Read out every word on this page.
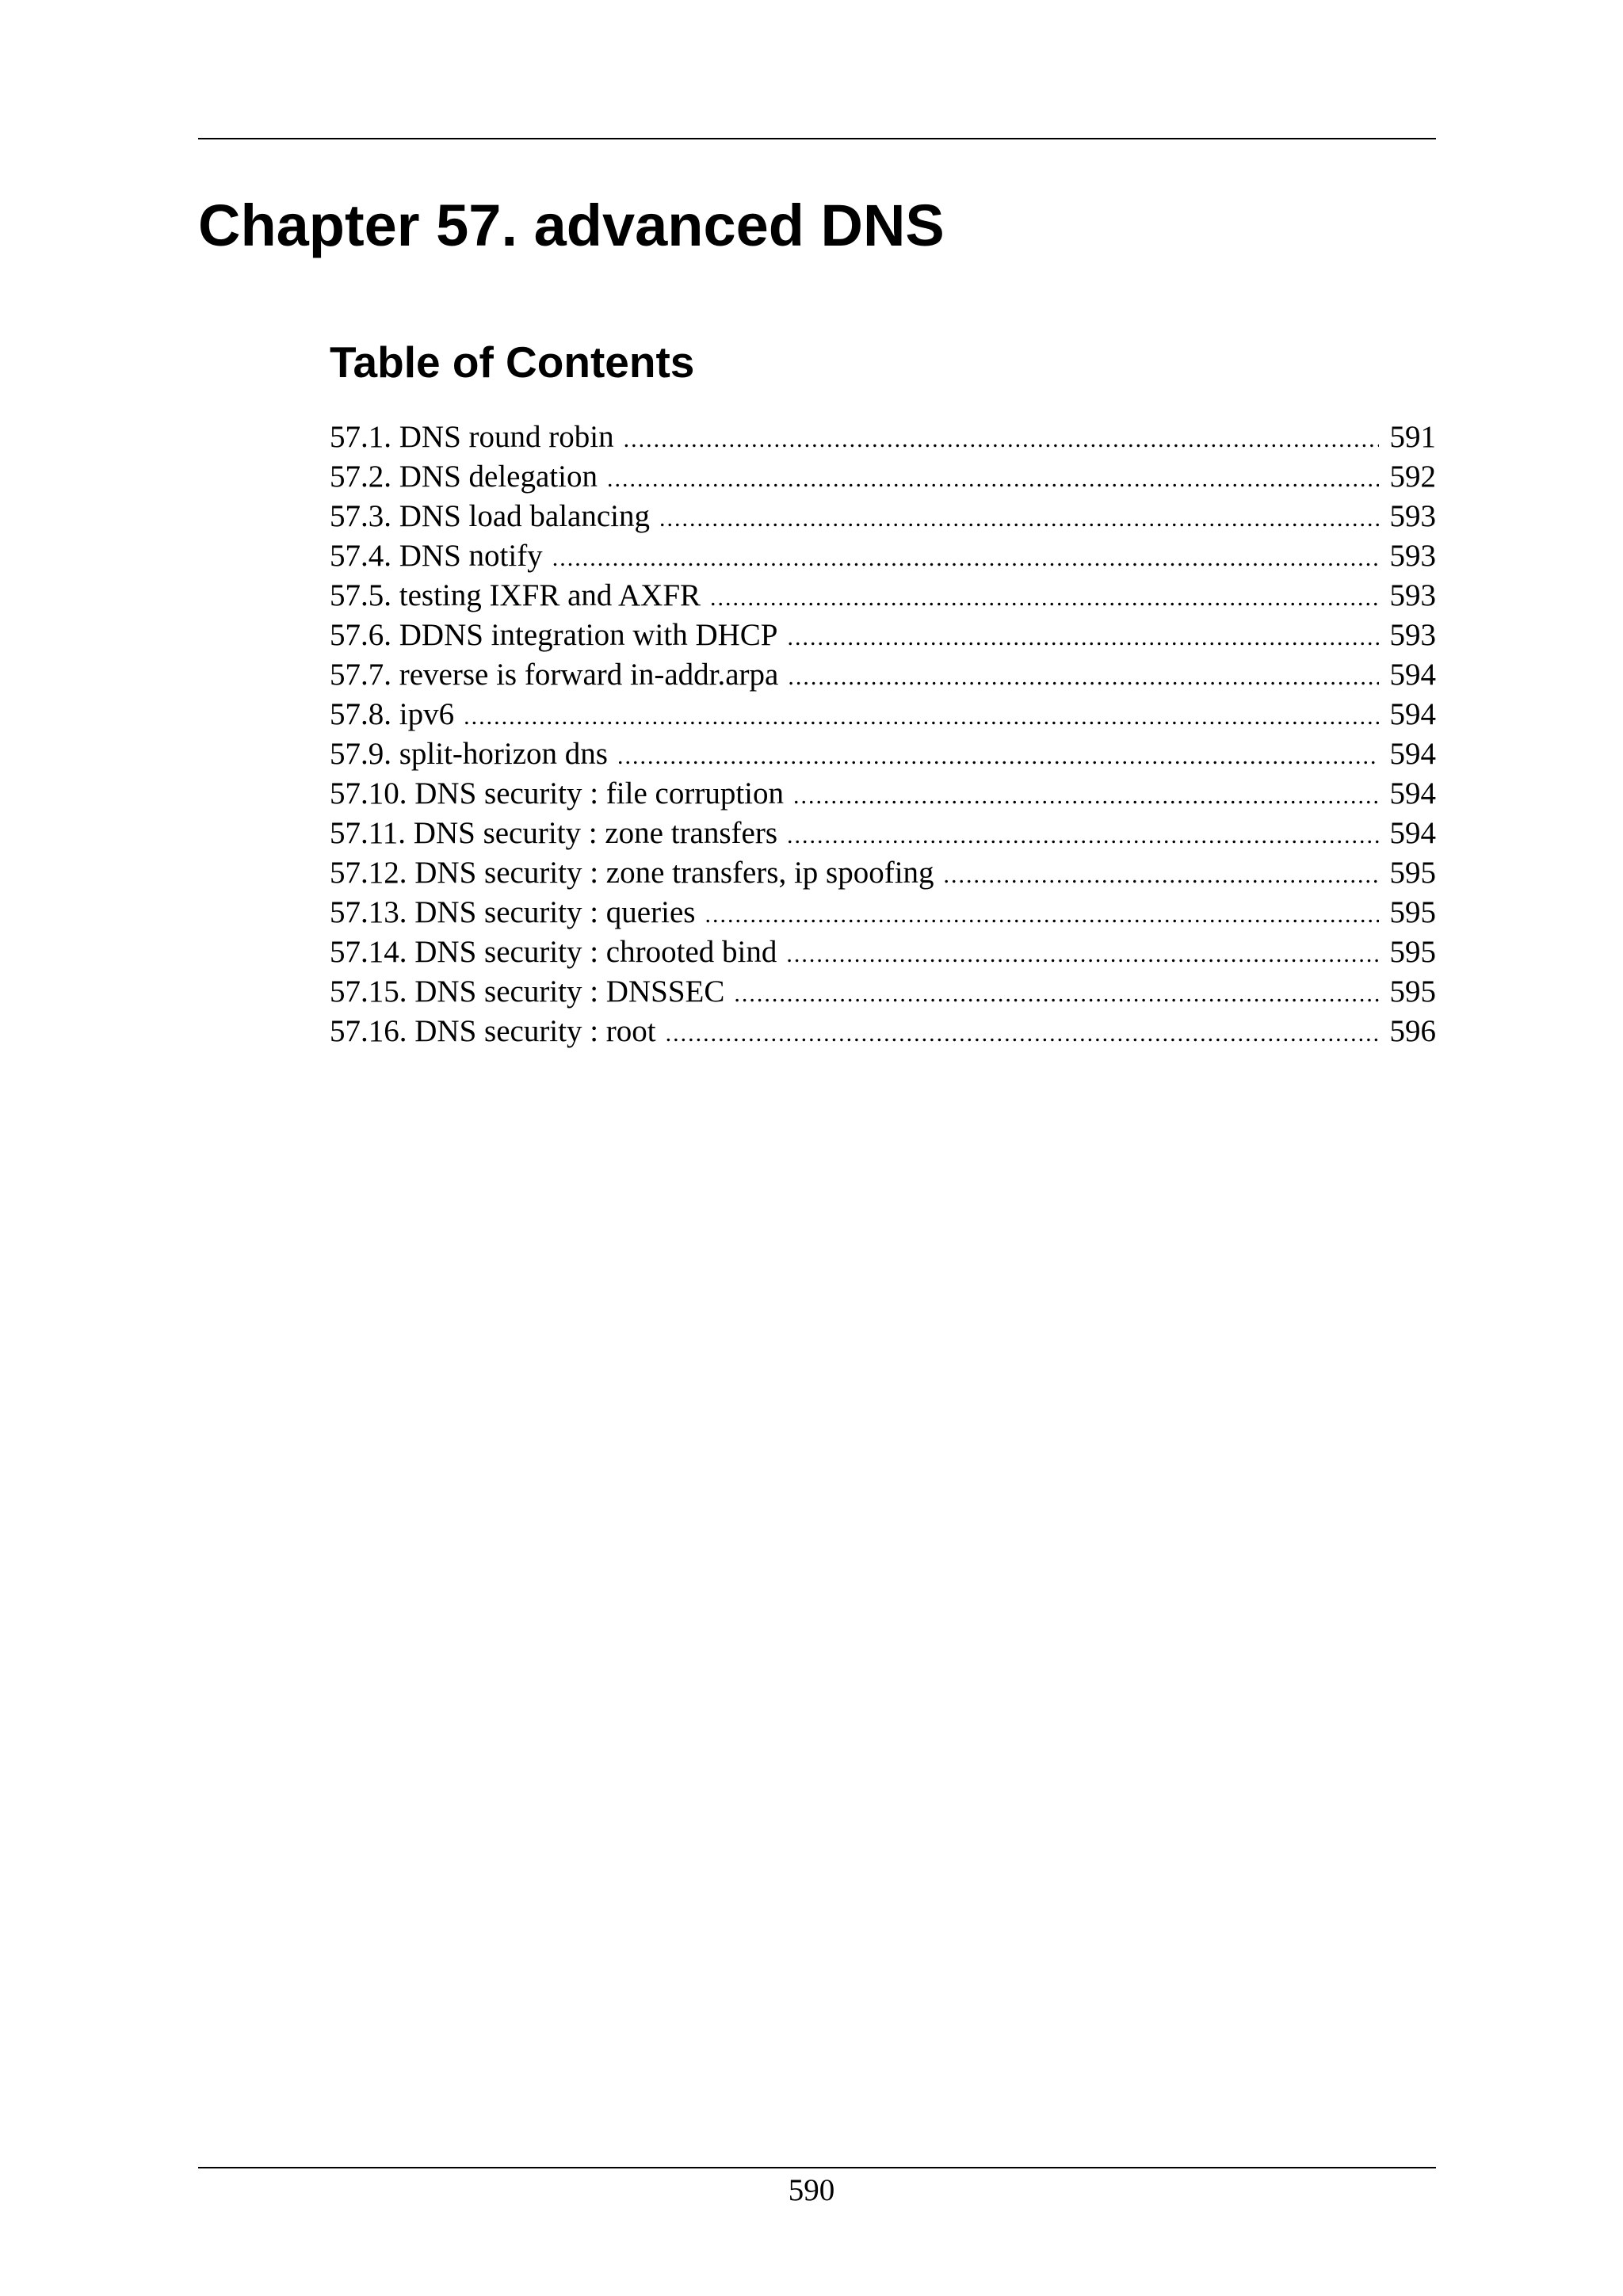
Chapter 57. advanced DNS
Table of Contents
57.1. DNS round robin .....	591
57.2. DNS delegation .....	592
57.3. DNS load balancing .....	593
57.4. DNS notify .....	593
57.5. testing IXFR and AXFR .....	593
57.6. DDNS integration with DHCP .....	593
57.7. reverse is forward in-addr.arpa .....	594
57.8. ipv6 .....	594
57.9. split-horizon dns .....	594
57.10. DNS security : file corruption .....	594
57.11. DNS security : zone transfers .....	594
57.12. DNS security : zone transfers, ip spoofing .....	595
57.13. DNS security : queries .....	595
57.14. DNS security : chrooted bind .....	595
57.15. DNS security : DNSSEC .....	595
57.16. DNS security : root .....	596
590
